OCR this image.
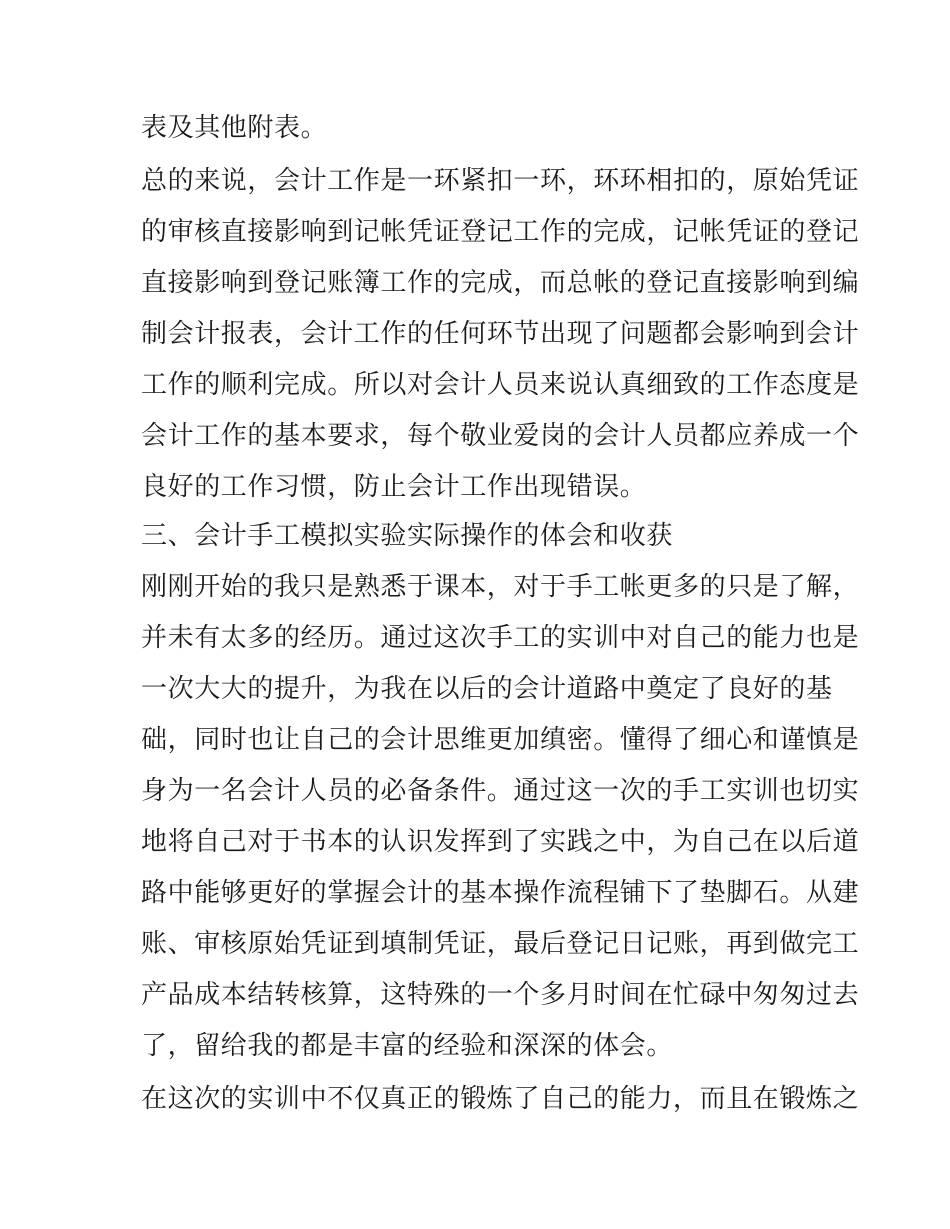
表及其他附表。
总的来说，会计工作是一环紧扣一环，环环相扣的，原始凭证
的审核直接影响到记帐凭证登记工作的完成，记帐凭证的登记
直接影响到登记账簿工作的完成，而总帐的登记直接影响到编
制会计报表，会计工作的任何环节出现了问题都会影响到会计
工作的顺利完成。所以对会计人员来说认真细致的工作态度是
会计工作的基本要求，每个敬业爱岗的会计人员都应养成一个
良好的工作习惯，防止会计工作出现错误。
三、会计手工模拟实验实际操作的体会和收获
刚刚开始的我只是熟悉于课本，对于手工帐更多的只是了解，
并未有太多的经历。通过这次手工的实训中对自己的能力也是
一次大大的提升，为我在以后的会计道路中奠定了良好的基
础，同时也让自己的会计思维更加缜密。懂得了细心和谨慎是
身为一名会计人员的必备条件。通过这一次的手工实训也切实
地将自己对于书本的认识发挥到了实践之中，为自己在以后道
路中能够更好的掌握会计的基本操作流程铺下了垫脚石。从建
账、审核原始凭证到填制凭证，最后登记日记账，再到做完工
产品成本结转核算，这特殊的一个多月时间在忙碌中匆匆过去
了，留给我的都是丰富的经验和深深的体会。
在这次的实训中不仅真正的锻炼了自己的能力，而且在锻炼之
